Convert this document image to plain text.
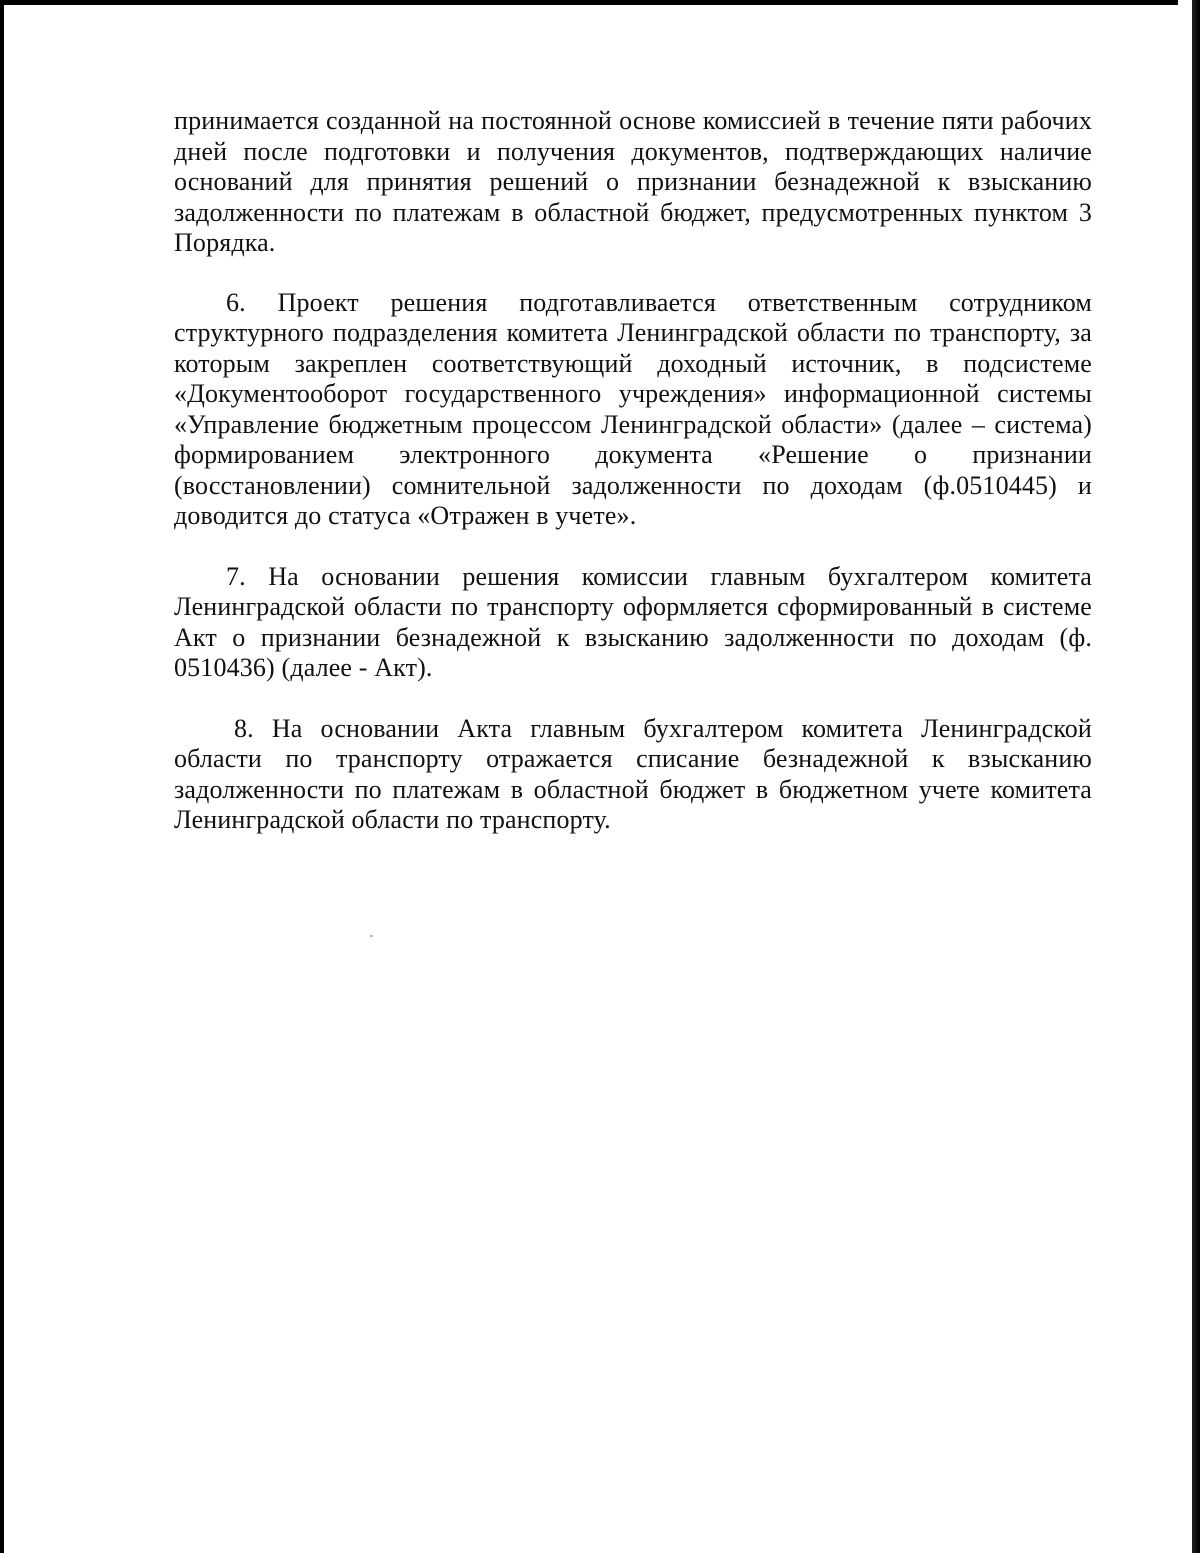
принимается созданной на постоянной основе комиссией в течение пяти рабочих дней после подготовки и получения документов, подтверждающих наличие оснований для принятия решений о признании безнадежной к взысканию задолженности по платежам в областной бюджет, предусмотренных пунктом 3 Порядка.

6. Проект решения подготавливается ответственным сотрудником структурного подразделения комитета Ленинградской области по транспорту, за которым закреплен соответствующий доходный источник, в подсистеме «Документооборот государственного учреждения» информационной системы «Управление бюджетным процессом Ленинградской области» (далее – система) формированием электронного документа «Решение о признании (восстановлении) сомнительной задолженности по доходам (ф.0510445) и доводится до статуса «Отражен в учете».

7. На основании решения комиссии главным бухгалтером комитета Ленинградской области по транспорту оформляется сформированный в системе Акт о признании безнадежной к взысканию задолженности по доходам (ф. 0510436) (далее - Акт).

8. На основании Акта главным бухгалтером комитета Ленинградской области по транспорту отражается списание безнадежной к взысканию задолженности по платежам в областной бюджет в бюджетном учете комитета Ленинградской области по транспорту.
